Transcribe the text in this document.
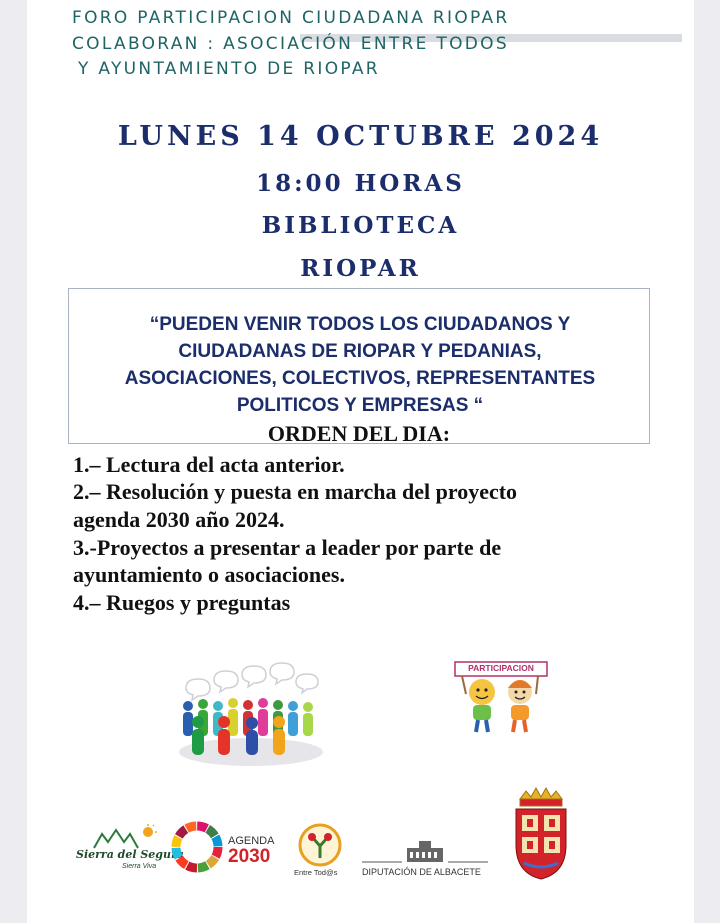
FORO PARTICIPACION CIUDADANA RIOPAR
COLABORAN : ASOCIACIÓN ENTRE TODOS
Y AYUNTAMIENTO DE RIOPAR
LUNES 14 OCTUBRE 2024
18:00 HORAS
BIBLIOTECA
RIOPAR
“PUEDEN VENIR TODOS LOS CIUDADANOS Y
CIUDADANAS DE RIOPAR Y PEDANIAS,
ASOCIACIONES, COLECTIVOS, REPRESENTANTES
POLITICOS Y EMPRESAS “
ORDEN DEL DIA:
1.– Lectura del acta anterior.
2.– Resolución y puesta en marcha del proyecto
agenda 2030 año 2024.
3.-Proyectos a presentar a leader por parte de
ayuntamiento o asociaciones.
4.– Ruegos y preguntas
PARTICIPACION
Sierra del Segura
Sierra Viva
AGENDA
2030
Entre Tod@s	DIPUTACIÓN DE ALBACETE
